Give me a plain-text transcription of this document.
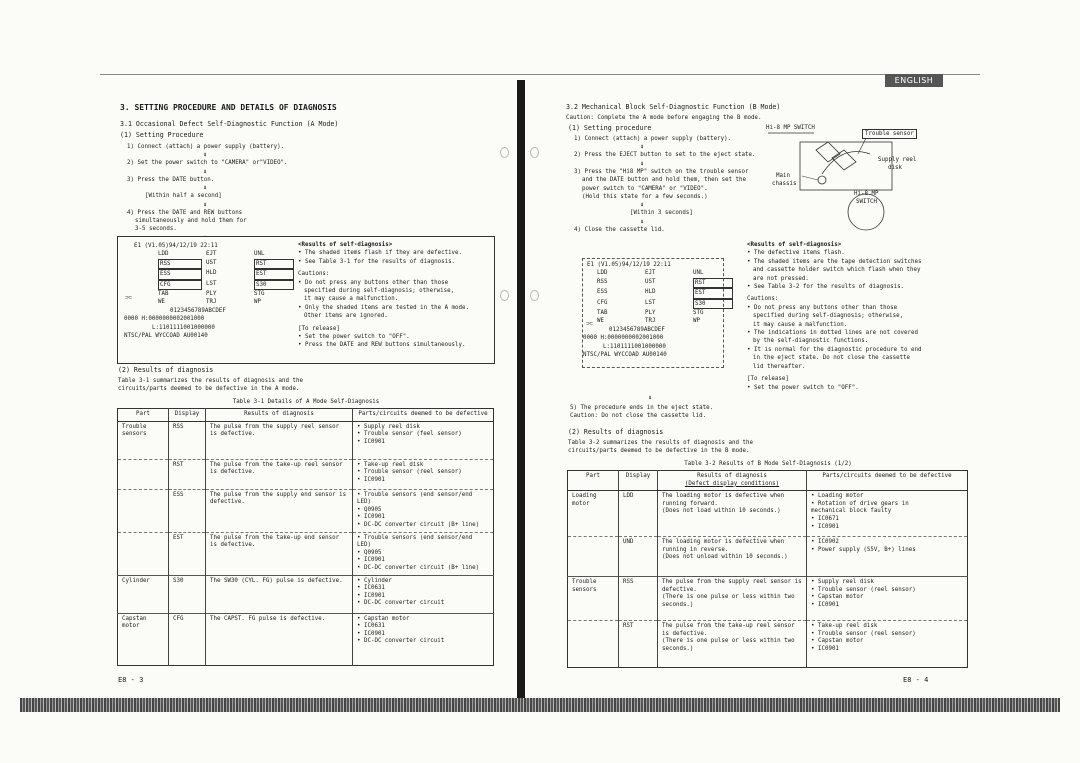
ENGLISH
3. SETTING PROCEDURE AND DETAILS OF DIAGNOSIS
3.1 Occasional Defect Self-Diagnostic Function (A Mode)
(1) Setting Procedure
1) Connect (attach) a power supply (battery).
⬇
2) Set the power switch to "CAMERA" or"VIDEO".
⬇
3) Press the DATE button.
⬇
[Within half a second]
⬇
4) Press the DATE and REW buttons
simultaneously and hold them for
3-5 seconds.
E1 (V1.05)94/12/19 22:11
LDD	EJT	UNL
RSS	UST	RST
ESS	HLD	EST
CFG	LST	S30
TAB	PLY	STG
WE	TRJ	WP
0123456789ABCDEF
0000 H:0000000002001000
L:1101111001000000
NTSC/PAL WYCCOAD AU00140
⊃⊂
<Results of self-diagnosis>
• The shaded items flash if they are defective.
• See Table 3-1 for the results of diagnosis.
Cautions:
• Do not press any buttons other than those
specified during self-diagnosis; otherwise,
it may cause a malfunction.
• Only the shaded items are tested in the A mode.
Other items are ignored.
[To release]
• Set the power switch to "OFF".
• Press the DATE and REW buttons simultaneously.
(2) Results of diagnosis
Table 3-1 summarizes the results of diagnosis and the
circuits/parts deemed to be defective in the A mode.
Table 3-1 Details of A Mode Self-Diagnosis
Part	Display	Results of diagnosis	Parts/circuits deemed to be defective
Trouble sensors	RSS	The pulse from the supply reel sensor is defective.	• Supply reel disk
• Trouble sensor (feel sensor)
• IC0901
	RST	The pulse from the take-up reel sensor is defective.	• Take-up reel disk
• Trouble sensor (reel sensor)
• IC0901
	ESS	The pulse from the supply end sensor is defective.	• Trouble sensors (end sensor/end LED)
• Q0905
• IC0901
• DC-DC converter circuit (B+ line)
	EST	The pulse from the take-up end sensor is defective.	• Trouble sensors (end sensor/end LED)
• Q0905
• IC0901
• DC-DC converter circuit (B+ line)
Cylinder	S30	The SW30 (CYL. FG) pulse is defective.	• Cylinder
• IC0631
• IC0901
• DC-DC converter circuit
Capstan motor	CFG	The CAPST. FG pulse is defective.	• Capstan motor
• IC0631
• IC0901
• DC-DC converter circuit
E8 - 3
3.2 Mechanical Block Self-Diagnostic Function (B Mode)
Caution: Complete the A mode before engaging the B mode.
(1) Setting procedure
1) Connect (attach) a power supply (battery).
⬇
2) Press the EJECT button to set to the eject state.
⬇
3) Press the "Hi8 MP" switch on the trouble sensor
and the DATE button and hold them, then set the
power switch to "CAMERA" or "VIDEO".
(Hold this state for a few seconds.)
⬇
[Within 3 seconds]
⬇
4) Close the cassette lid.
Hi-8 MP SWITCH
Trouble sensor
Supply reel
disk
Main
chassis
Hi-8 MP
SWITCH
E1 (V1.05)94/12/19 22:11
LDD	EJT	UNL
RSS	UST	RST
ESS	HLD	EST
CFG	LST	S30
TAB	PLY	STG
WE	TRJ	WP
0123456789ABCDEF
0000 H:0000000002001000
L:1101111001000000
NTSC/PAL WYCCOAD AU00140
⊃⊂
<Results of self-diagnosis>
• The defective items flash.
• The shaded items are the tape detection switches
and cassette holder switch which flash when they
are not pressed.
• See Table 3-2 for the results of diagnosis.
Cautions:
• Do not press any buttons other than those
specified during self-diagnosis; otherwise,
it may cause a malfunction.
• The indications in dotted lines are not covered
by the self-diagnostic functions.
• It is normal for the diagnostic procedure to end
in the eject state. Do not close the cassette
lid thereafter.
[To release]
• Set the power switch to "OFF".
⬇
5) The procedure ends in the eject state.
Caution: Do not close the cassette lid.
(2) Results of diagnosis
Table 3-2 summarizes the results of diagnosis and the
circuits/parts deemed to be defective in the B mode.
Table 3-2 Results of B Mode Self-Diagnosis (1/2)
Part	Display	Results of diagnosis
(Defect display conditions)	Parts/circuits deemed to be defective
Loading motor	LDD	The loading motor is defective when running forward.
(Does not load within 10 seconds.)	• Loading motor
• Rotation of drive gears in
mechanical block faulty
• IC0671
• IC0901
	UND	The loading motor is defective when running in reverse.
(Does not unload within 10 seconds.)	• IC0902
• Power supply (S5V, B+) lines
Trouble sensors	RSS	The pulse from the supply reel sensor is defective.
(There is one pulse or less within two seconds.)	• Supply reel disk
• Trouble sensor (reel sensor)
• Capstan motor
• IC0901
	RST	The pulse from the take-up reel sensor is defective.
(There is one pulse or less within two seconds.)	• Take-up reel disk
• Trouble sensor (reel sensor)
• Capstan motor
• IC0901
E8 - 4
